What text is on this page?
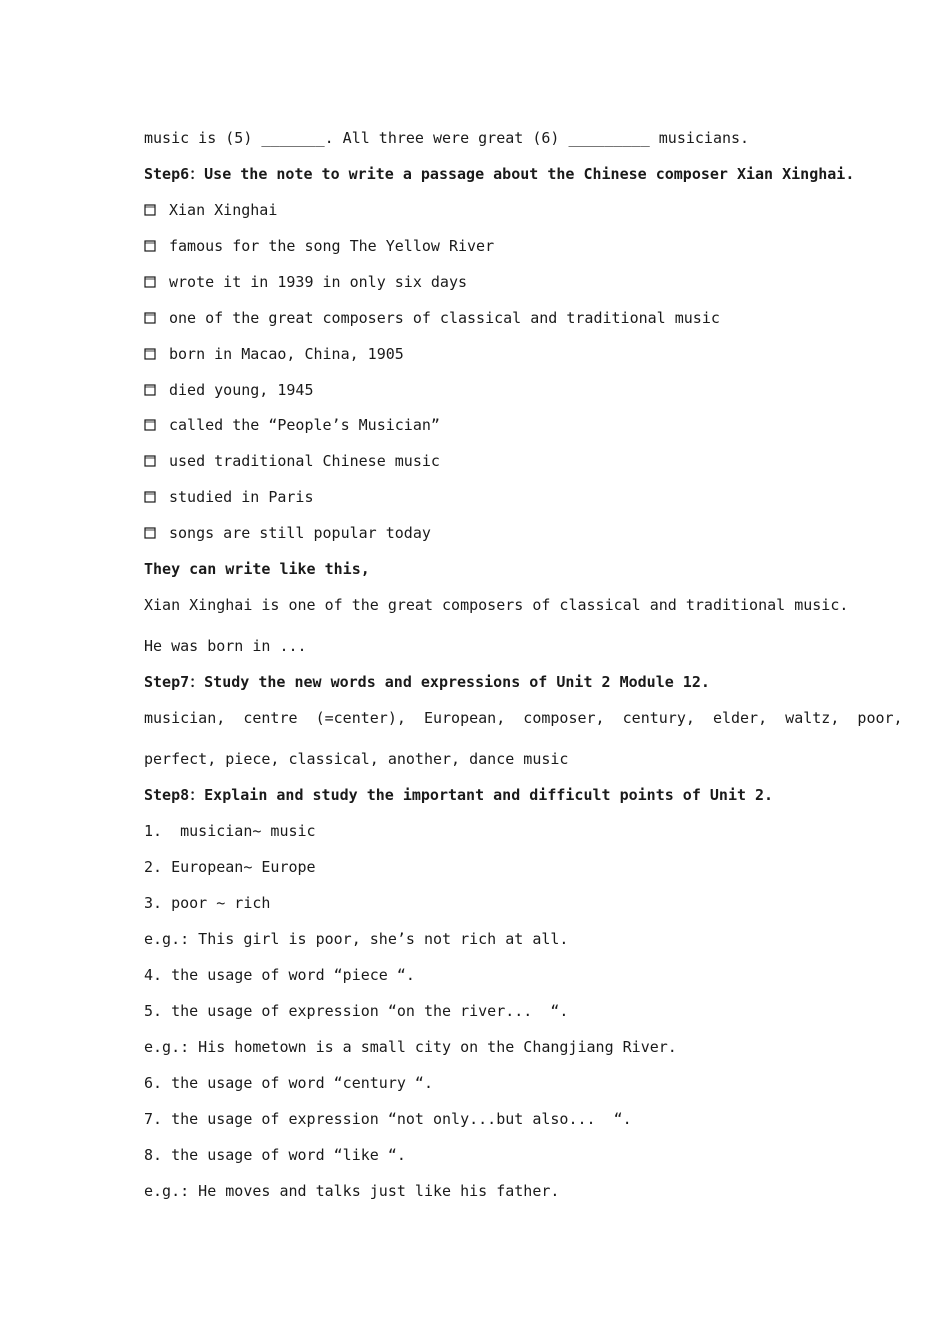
music is (5) _______. All three were great (6) _________ musicians.
Step6：Use the note to write a passage about the Chinese composer Xian Xinghai.
Xian Xinghai
famous for the song The Yellow River
wrote it in 1939 in only six days
one of the great composers of classical and traditional music
born in Macao, China, 1905
died young, 1945
called the “People’s Musician”
used traditional Chinese music
studied in Paris
songs are still popular today
They can write like this,
Xian Xinghai is one of the great composers of classical and traditional music.
He was born in ...
Step7：Study the new words and expressions of Unit 2 Module 12.
musician,  centre  (=center),  European,  composer,  century,  elder,  waltz,  poor,
perfect, piece, classical, another, dance music
Step8：Explain and study the important and difficult points of Unit 2.
1.  musician~ music
2. European~ Europe
3. poor ~ rich
e.g.: This girl is poor, she’s not rich at all.
4. the usage of word “piece “.
5. the usage of expression “on the river...  “.
e.g.: His hometown is a small city on the Changjiang River.
6. the usage of word “century “.
7. the usage of expression “not only...but also...  “.
8. the usage of word “like “.
e.g.: He moves and talks just like his father.
